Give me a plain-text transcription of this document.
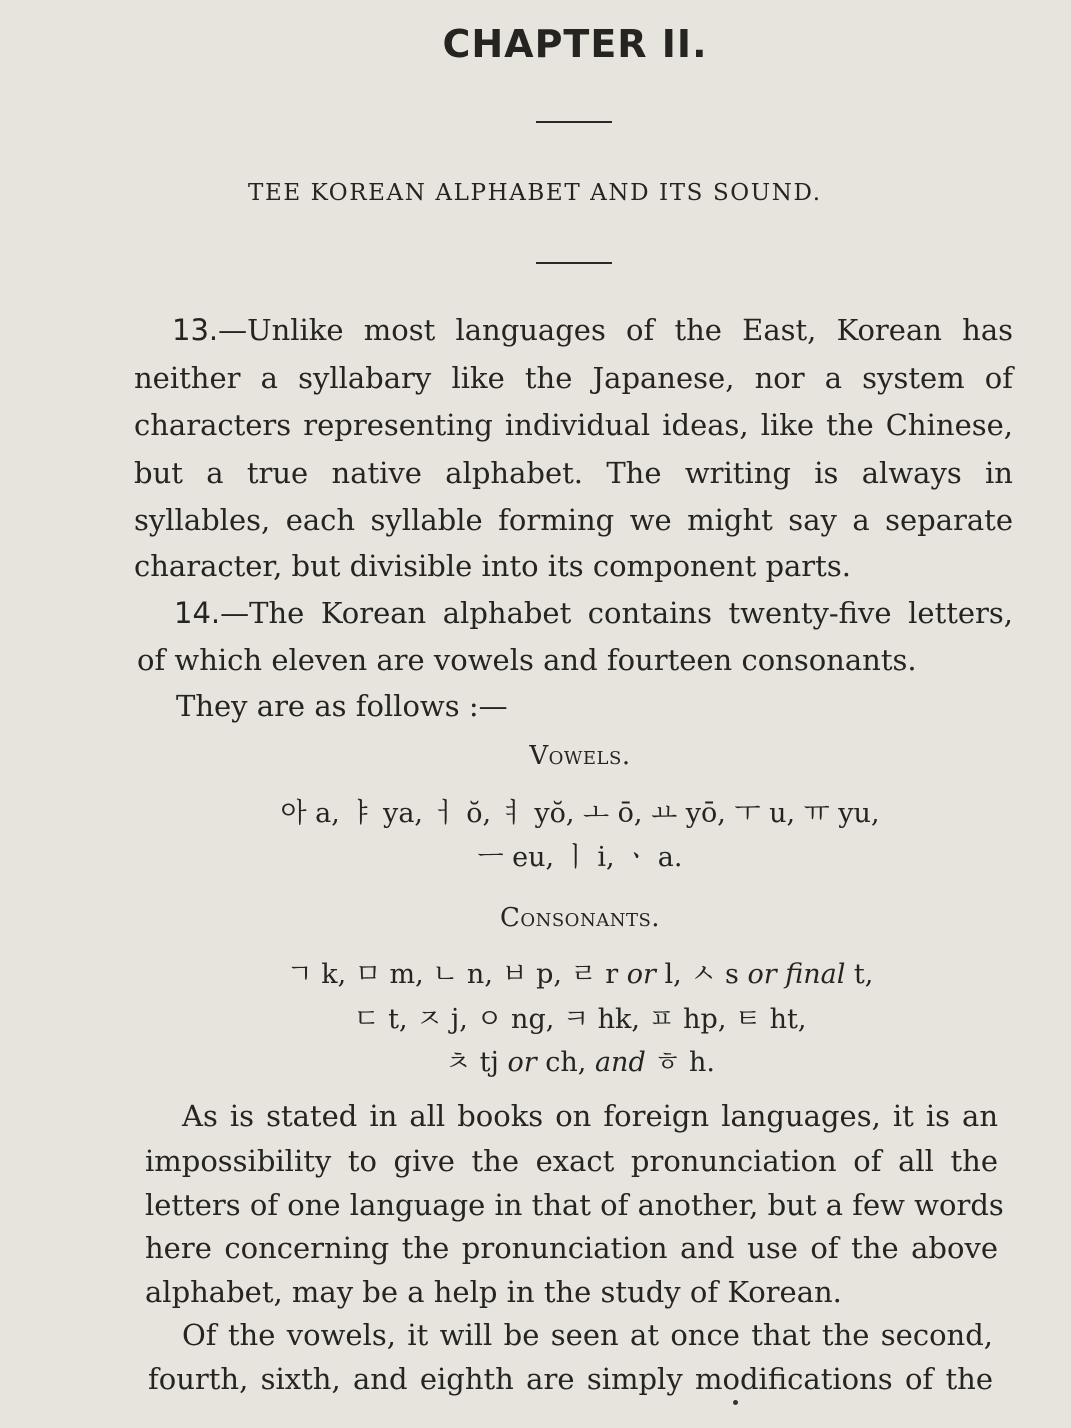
CHAPTER II.
TEE KOREAN ALPHABET AND ITS SOUND.
13.—Unlike most languages of the East, Korean has
neither a syllabary like the Japanese, nor a system of
characters representing individual ideas, like the Chinese,
but a true native alphabet. The writing is always in
syllables, each syllable forming we might say a separate
character, but divisible into its component parts.
14.—The Korean alphabet contains twenty-five letters,
of which eleven are vowels and fourteen consonants.
They are as follows :—
Vowels.
아 a, ㅑ ya, ㅓ ŏ, ㅕ yŏ, ㅗ ō, ㅛ yō, ㅜ u, ㅠ yu,
ㅡ eu, ㅣ i, ㆍ a.
Consonants.
ㄱ k, ㅁ m, ㄴ n, ㅂ p, ㄹ r or l, ㅅ s or final t,
ㄷ t, ㅈ j, ㅇ ng, ㅋ hk, ㅍ hp, ㅌ ht,
ㅊ tj or ch, and ㅎ h.
As is stated in all books on foreign languages, it is an
impossibility to give the exact pronunciation of all the
letters of one language in that of another, but a few words
here concerning the pronunciation and use of the above
alphabet, may be a help in the study of Korean.
Of the vowels, it will be seen at once that the second,
fourth, sixth, and eighth are simply modifications of the
